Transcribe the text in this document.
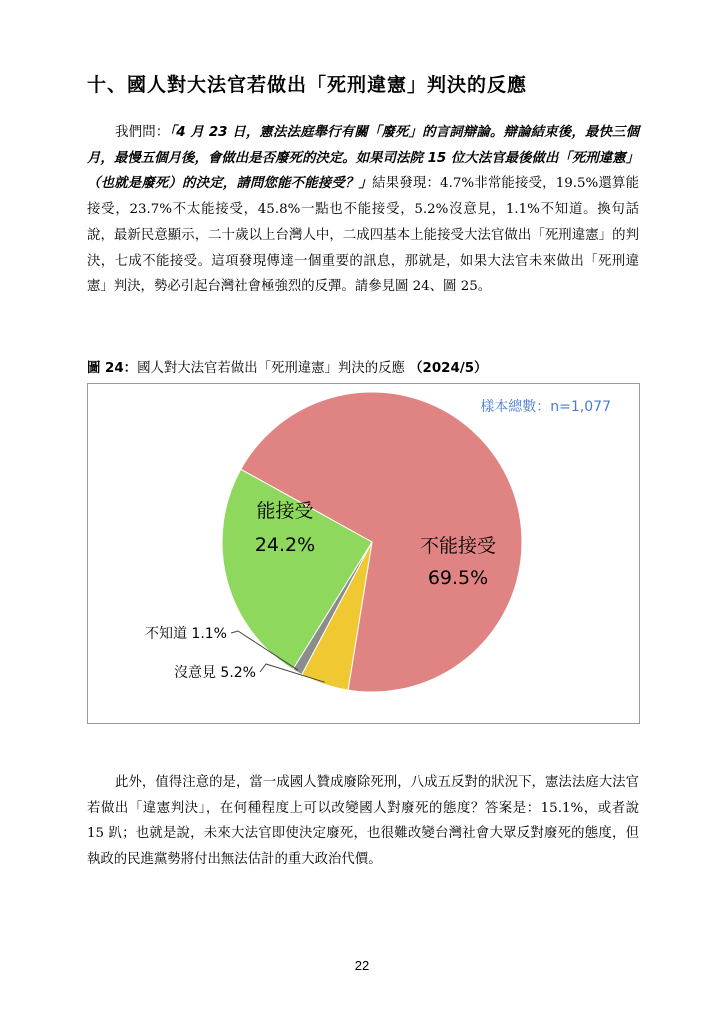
十、國人對大法官若做出「死刑違憲」判決的反應

我們問：「4 月 23 日，憲法法庭舉行有關「廢死」的言詞辯論。辯論結束後，最快三個月，最慢五個月後，會做出是否廢死的決定。如果司法院 15 位大法官最後做出「死刑違憲」（也就是廢死）的決定，請問您能不能接受？」結果發現：4.7%非常能接受，19.5%還算能接受，23.7%不太能接受，45.8%一點也不能接受，5.2%沒意見，1.1%不知道。換句話說，最新民意顯示，二十歲以上台灣人中，二成四基本上能接受大法官做出「死刑違憲」的判決，七成不能接受。這項發現傳達一個重要的訊息，那就是，如果大法官未來做出「死刑違憲」判決，勢必引起台灣社會極強烈的反彈。請參見圖 24、圖 25。

圖 24：國人對大法官若做出「死刑違憲」判決的反應 （2024/5）

不能接受
69.5%
能接受
24.2%
不知道 1.1%
沒意見 5.2%
樣本總數：n=1,077

此外，值得注意的是，當一成國人贊成廢除死刑，八成五反對的狀況下，憲法法庭大法官若做出「違憲判決」，在何種程度上可以改變國人對廢死的態度？答案是：15.1%，或者說 15 趴；也就是說，未來大法官即使決定廢死，也很難改變台灣社會大眾反對廢死的態度，但執政的民進黨勢將付出無法估計的重大政治代價。

22
